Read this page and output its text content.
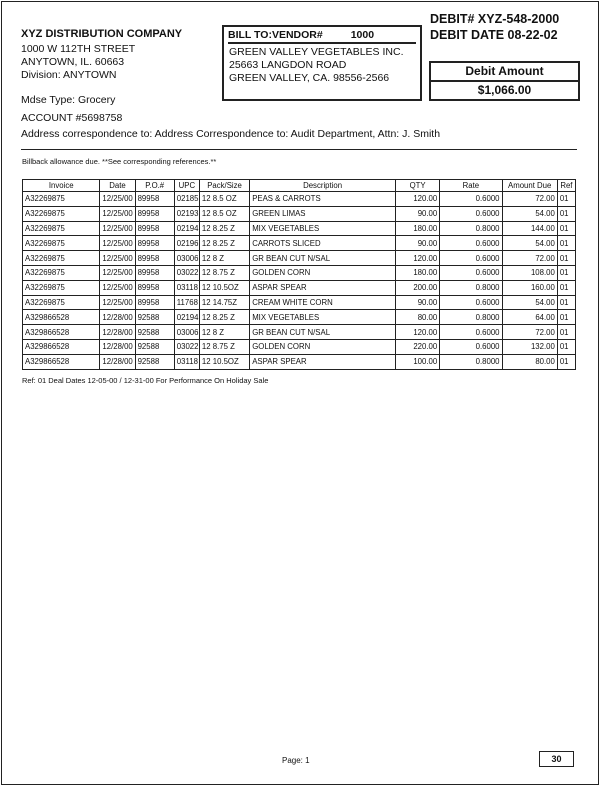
XYZ DISTRIBUTION COMPANY
1000 W 112TH STREET
ANYTOWN, IL. 60663
Division: ANYTOWN
BILL TO:VENDOR#	1000
GREEN VALLEY VEGETABLES INC.
25663 LANGDON ROAD
GREEN VALLEY, CA. 98556-2566
DEBIT# XYZ-548-2000
DEBIT DATE 08-22-02
Debit Amount
$1,066.00
Mdse Type: Grocery
ACCOUNT #5698758
Address correspondence to: Address Correspondence to: Audit Department, Attn: J. Smith
Billback allowance due. **See corresponding references.**
Invoice	Date	P.O.#	UPC	Pack/Size	Description	QTY	Rate	Amount Due	Ref
A32269875	12/25/00	89958	02185	12 8.5 OZ	PEAS & CARROTS	120.00	0.6000	72.00	01
A32269875	12/25/00	89958	02193	12 8.5 OZ	GREEN LIMAS	90.00	0.6000	54.00	01
A32269875	12/25/00	89958	02194	12 8.25 Z	MIX VEGETABLES	180.00	0.8000	144.00	01
A32269875	12/25/00	89958	02196	12 8.25 Z	CARROTS SLICED	90.00	0.6000	54.00	01
A32269875	12/25/00	89958	03006	12 8 Z	GR BEAN CUT N/SAL	120.00	0.6000	72.00	01
A32269875	12/25/00	89958	03022	12 8.75 Z	GOLDEN CORN	180.00	0.6000	108.00	01
A32269875	12/25/00	89958	03118	12 10.5OZ	ASPAR SPEAR	200.00	0.8000	160.00	01
A32269875	12/25/00	89958	11768	12 14.75Z	CREAM WHITE CORN	90.00	0.6000	54.00	01
A329866528	12/28/00	92588	02194	12 8.25 Z	MIX VEGETABLES	80.00	0.8000	64.00	01
A329866528	12/28/00	92588	03006	12 8 Z	GR BEAN CUT N/SAL	120.00	0.6000	72.00	01
A329866528	12/28/00	92588	03022	12 8.75 Z	GOLDEN CORN	220.00	0.6000	132.00	01
A329866528	12/28/00	92588	03118	12 10.5OZ	ASPAR SPEAR	100.00	0.8000	80.00	01
Ref: 01 Deal Dates 12-05-00 / 12-31-00 For Performance On Holiday Sale
Page: 1	30
